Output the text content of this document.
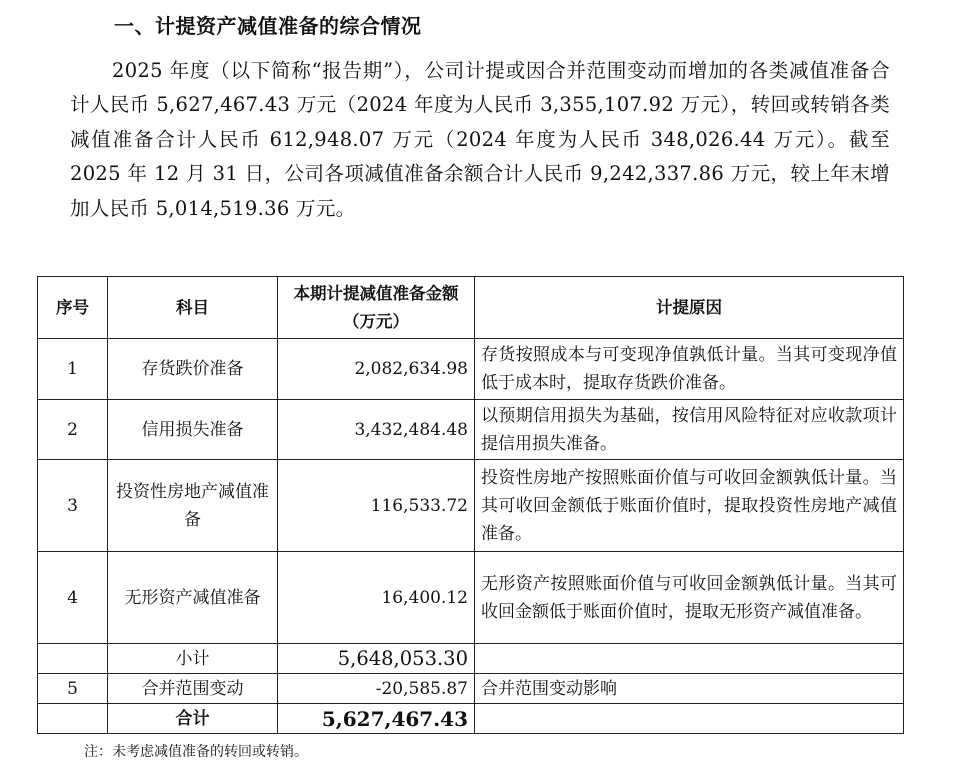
一、计提资产减值准备的综合情况
2025 年度（以下简称“报告期”），公司计提或因合并范围变动而增加的各类减值准备合计人民币 5,627,467.43 万元（2024 年度为人民币 3,355,107.92 万元），转回或转销各类减值准备合计人民币 612,948.07 万元（2024 年度为人民币 348,026.44 万元）。截至 2025 年 12 月 31 日，公司各项减值准备余额合计人民币 9,242,337.86 万元，较上年末增加人民币 5,014,519.36 万元。
序号	科目	本期计提减值准备金额（万元）	计提原因
1	存货跌价准备	2,082,634.98	存货按照成本与可变现净值孰低计量。当其可变现净值低于成本时，提取存货跌价准备。
2	信用损失准备	3,432,484.48	以预期信用损失为基础，按信用风险特征对应收款项计提信用损失准备。
3	投资性房地产减值准备	116,533.72	投资性房地产按照账面价值与可收回金额孰低计量。当其可收回金额低于账面价值时，提取投资性房地产减值准备。
4	无形资产减值准备	16,400.12	无形资产按照账面价值与可收回金额孰低计量。当其可收回金额低于账面价值时，提取无形资产减值准备。
	小计	5,648,053.30	
5	合并范围变动	-20,585.87	合并范围变动影响
	合计	5,627,467.43	
注：未考虑减值准备的转回或转销。
